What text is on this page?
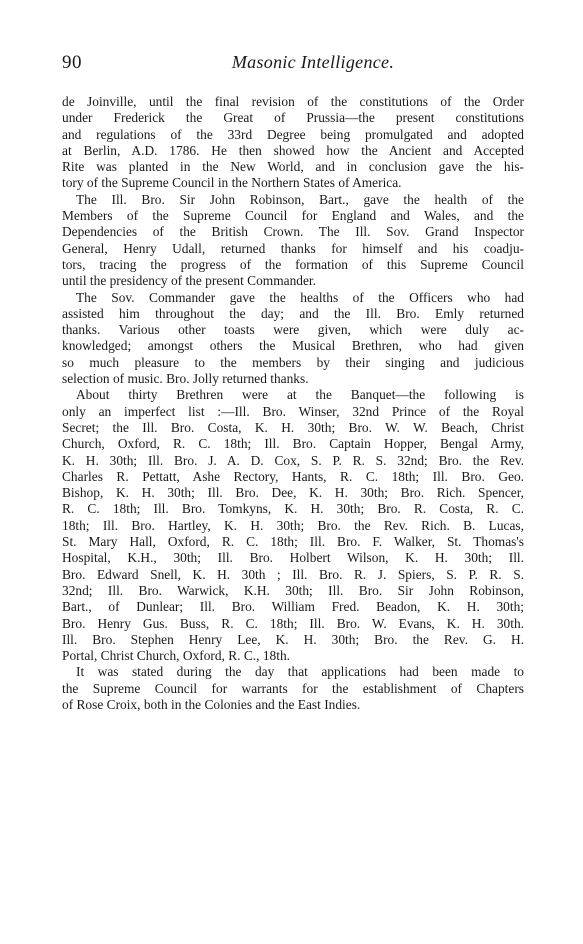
90	Masonic Intelligence.
de Joinville, until the final revision of the constitutions of the Order
under Frederick the Great of Prussia—the present constitutions
and regulations of the 33rd Degree being promulgated and adopted
at Berlin, A.D. 1786. He then showed how the Ancient and Accepted
Rite was planted in the New World, and in conclusion gave the his-
tory of the Supreme Council in the Northern States of America.
The Ill. Bro. Sir John Robinson, Bart., gave the health of the
Members of the Supreme Council for England and Wales, and the
Dependencies of the British Crown. The Ill. Sov. Grand Inspector
General, Henry Udall, returned thanks for himself and his coadju-
tors, tracing the progress of the formation of this Supreme Council
until the presidency of the present Commander.
The Sov. Commander gave the healths of the Officers who had
assisted him throughout the day; and the Ill. Bro. Emly returned
thanks. Various other toasts were given, which were duly ac-
knowledged; amongst others the Musical Brethren, who had given
so much pleasure to the members by their singing and judicious
selection of music. Bro. Jolly returned thanks.
About thirty Brethren were at the Banquet—the following is
only an imperfect list :—Ill. Bro. Winser, 32nd Prince of the Royal
Secret; the Ill. Bro. Costa, K. H. 30th; Bro. W. W. Beach, Christ
Church, Oxford, R. C. 18th; Ill. Bro. Captain Hopper, Bengal Army,
K. H. 30th; Ill. Bro. J. A. D. Cox, S. P. R. S. 32nd; Bro. the Rev.
Charles R. Pettatt, Ashe Rectory, Hants, R. C. 18th; Ill. Bro. Geo.
Bishop, K. H. 30th; Ill. Bro. Dee, K. H. 30th; Bro. Rich. Spencer,
R. C. 18th; Ill. Bro. Tomkyns, K. H. 30th; Bro. R. Costa, R. C.
18th; Ill. Bro. Hartley, K. H. 30th; Bro. the Rev. Rich. B. Lucas,
St. Mary Hall, Oxford, R. C. 18th; Ill. Bro. F. Walker, St. Thomas's
Hospital, K.H., 30th; Ill. Bro. Holbert Wilson, K. H. 30th; Ill.
Bro. Edward Snell, K. H. 30th ; Ill. Bro. R. J. Spiers, S. P. R. S.
32nd; Ill. Bro. Warwick, K.H. 30th; Ill. Bro. Sir John Robinson,
Bart., of Dunlear; Ill. Bro. William Fred. Beadon, K. H. 30th;
Bro. Henry Gus. Buss, R. C. 18th; Ill. Bro. W. Evans, K. H. 30th.
Ill. Bro. Stephen Henry Lee, K. H. 30th; Bro. the Rev. G. H.
Portal, Christ Church, Oxford, R. C., 18th.
It was stated during the day that applications had been made to
the Supreme Council for warrants for the establishment of Chapters
of Rose Croix, both in the Colonies and the East Indies.
